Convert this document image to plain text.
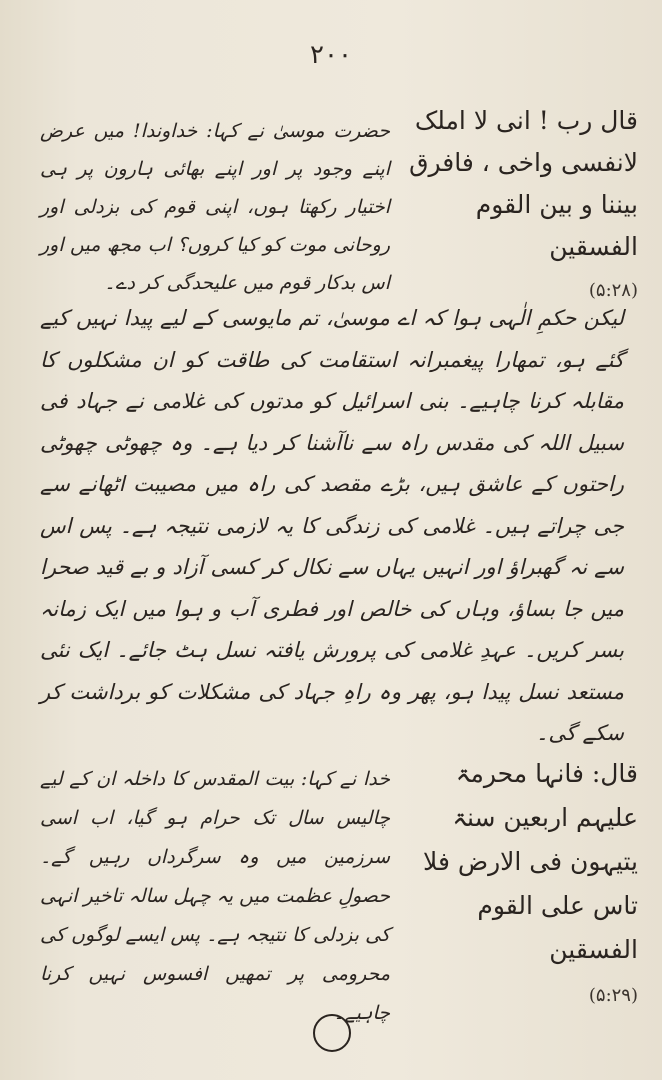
۲۰۰
قال رب ! انی لا املک لانفسی واخی ، فافرق بیننا و بین القوم الفسقین
(۵:۲۸)
حضرت موسیٰ نے کہا: خداوندا! میں عرض اپنے وجود پر اور اپنے بھائی ہارون پر ہی اختیار رکھتا ہوں، اپنی قوم کی بزدلی اور روحانی موت کو کیا کروں؟ اب مجھ میں اور اس بدکار قوم میں علیحدگی کر دے۔
لیکن حکمِ الٰہی ہوا کہ اے موسیٰ، تم مایوسی کے لیے پیدا نہیں کیے گئے ہو، تمھارا پیغمبرانہ استقامت کی طاقت کو ان مشکلوں کا مقابلہ کرنا چاہیے۔ بنی اسرائیل کو مدتوں کی غلامی نے جہاد فی سبیل اللہ کی مقدس راہ سے ناآشنا کر دیا ہے۔ وہ چھوٹی چھوٹی راحتوں کے عاشق ہیں، بڑے مقصد کی راہ میں مصیبت اٹھانے سے جی چراتے ہیں۔ غلامی کی زندگی کا یہ لازمی نتیجہ ہے۔ پس اس سے نہ گھبراؤ اور انہیں یہاں سے نکال کر کسی آزاد و بے قید صحرا میں جا بساؤ، وہاں کی خالص اور فطری آب و ہوا میں ایک زمانہ بسر کریں۔ عہدِ غلامی کی پرورش یافتہ نسل ہٹ جائے۔ ایک نئی مستعد نسل پیدا ہو، پھر وہ راہِ جہاد کی مشکلات کو برداشت کر سکے گی۔
قال: فانہا محرمۃ علیہم اربعین سنۃ یتیہون فی الارض فلا تاس علی القوم الفسقین
(۵:۲۹)
خدا نے کہا: بیت المقدس کا داخلہ ان کے لیے چالیس سال تک حرام ہو گیا، اب اسی سرزمین میں وہ سرگرداں رہیں گے۔ حصولِ عظمت میں یہ چہل سالہ تاخیر انہی کی بزدلی کا نتیجہ ہے۔ پس ایسے لوگوں کی محرومی پر تمھیں افسوس نہیں کرنا چاہیے۔
